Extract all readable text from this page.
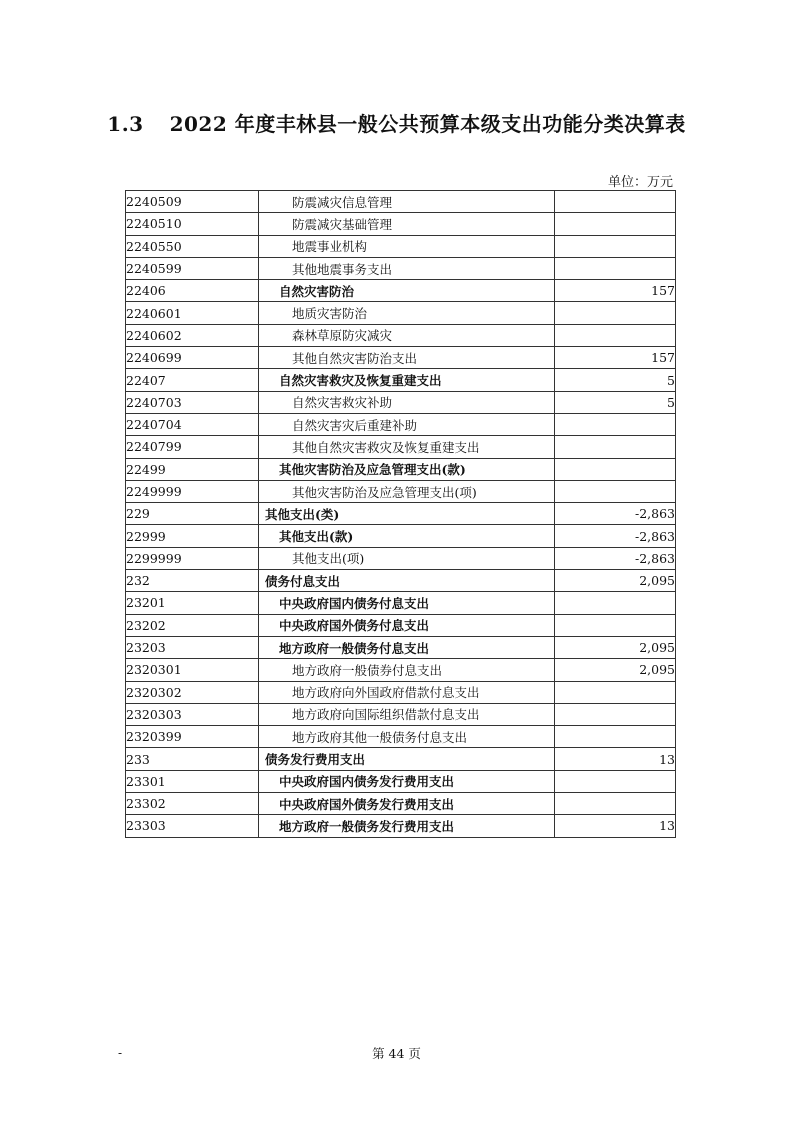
1.3 2022 年度丰林县一般公共预算本级支出功能分类决算表
单位：万元
2240509	防震减灾信息管理	
2240510	防震减灾基础管理	
2240550	地震事业机构	
2240599	其他地震事务支出	
22406	自然灾害防治	157
2240601	地质灾害防治	
2240602	森林草原防灾减灾	
2240699	其他自然灾害防治支出	157
22407	自然灾害救灾及恢复重建支出	5
2240703	自然灾害救灾补助	5
2240704	自然灾害灾后重建补助	
2240799	其他自然灾害救灾及恢复重建支出	
22499	其他灾害防治及应急管理支出(款)	
2249999	其他灾害防治及应急管理支出(项)	
229	其他支出(类)	-2,863
22999	其他支出(款)	-2,863
2299999	其他支出(项)	-2,863
232	债务付息支出	2,095
23201	中央政府国内债务付息支出	
23202	中央政府国外债务付息支出	
23203	地方政府一般债务付息支出	2,095
2320301	地方政府一般债券付息支出	2,095
2320302	地方政府向外国政府借款付息支出	
2320303	地方政府向国际组织借款付息支出	
2320399	地方政府其他一般债务付息支出	
233	债务发行费用支出	13
23301	中央政府国内债务发行费用支出	
23302	中央政府国外债务发行费用支出	
23303	地方政府一般债务发行费用支出	13
-	第 44 页
